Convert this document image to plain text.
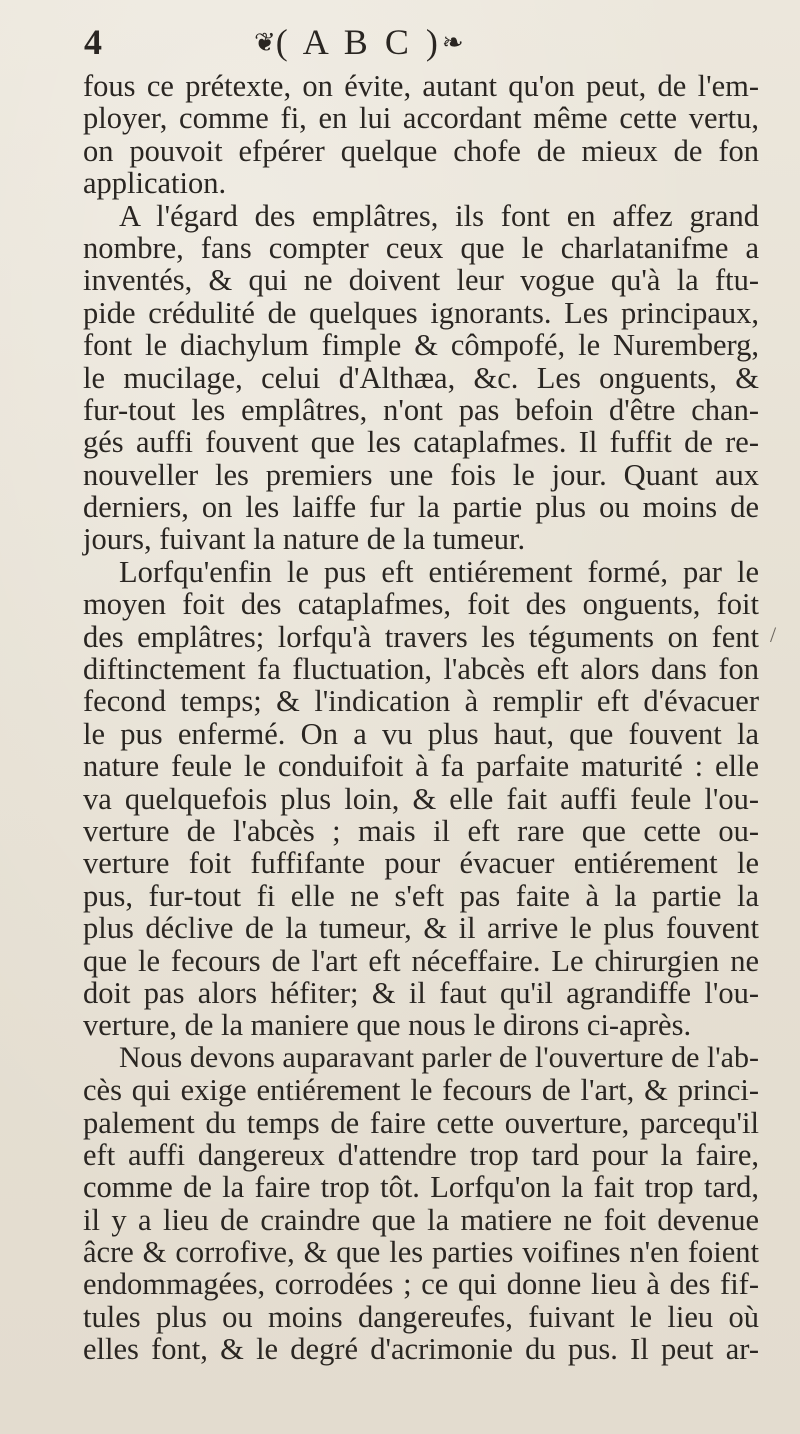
4	❦( A B C )❧
fous ce prétexte, on évite, autant qu'on peut, de l'em-
ployer, comme fi, en lui accordant même cette vertu,
on pouvoit efpérer quelque chofe de mieux de fon
application.
A l'égard des emplâtres, ils font en affez grand
nombre, fans compter ceux que le charlatanifme a
inventés, & qui ne doivent leur vogue qu'à la ftu-
pide crédulité de quelques ignorants. Les principaux,
font le diachylum fimple & cômpofé, le Nuremberg,
le mucilage, celui d'Althæa, &c. Les onguents, &
fur-tout les emplâtres, n'ont pas befoin d'être chan-
gés auffi fouvent que les cataplafmes. Il fuffit de re-
nouveller les premiers une fois le jour. Quant aux
derniers, on les laiffe fur la partie plus ou moins de
jours, fuivant la nature de la tumeur.
Lorfqu'enfin le pus eft entiérement formé, par le
moyen foit des cataplafmes, foit des onguents, foit
des emplâtres; lorfqu'à travers les téguments on fent
diftinctement fa fluctuation, l'abcès eft alors dans fon
fecond temps; & l'indication à remplir eft d'évacuer
le pus enfermé. On a vu plus haut, que fouvent la
nature feule le conduifoit à fa parfaite maturité : elle
va quelquefois plus loin, & elle fait auffi feule l'ou-
verture de l'abcès ; mais il eft rare que cette ou-
verture foit fuffifante pour évacuer entiérement le
pus, fur-tout fi elle ne s'eft pas faite à la partie la
plus déclive de la tumeur, & il arrive le plus fouvent
que le fecours de l'art eft néceffaire. Le chirurgien ne
doit pas alors héfiter; & il faut qu'il agrandiffe l'ou-
verture, de la maniere que nous le dirons ci-après.
Nous devons auparavant parler de l'ouverture de l'ab-
cès qui exige entiérement le fecours de l'art, & princi-
palement du temps de faire cette ouverture, parcequ'il
eft auffi dangereux d'attendre trop tard pour la faire,
comme de la faire trop tôt. Lorfqu'on la fait trop tard,
il y a lieu de craindre que la matiere ne foit devenue
âcre & corrofive, & que les parties voifines n'en foient
endommagées, corrodées ; ce qui donne lieu à des fif-
tules plus ou moins dangereufes, fuivant le lieu où
elles font, & le degré d'acrimonie du pus. Il peut ar-
/
